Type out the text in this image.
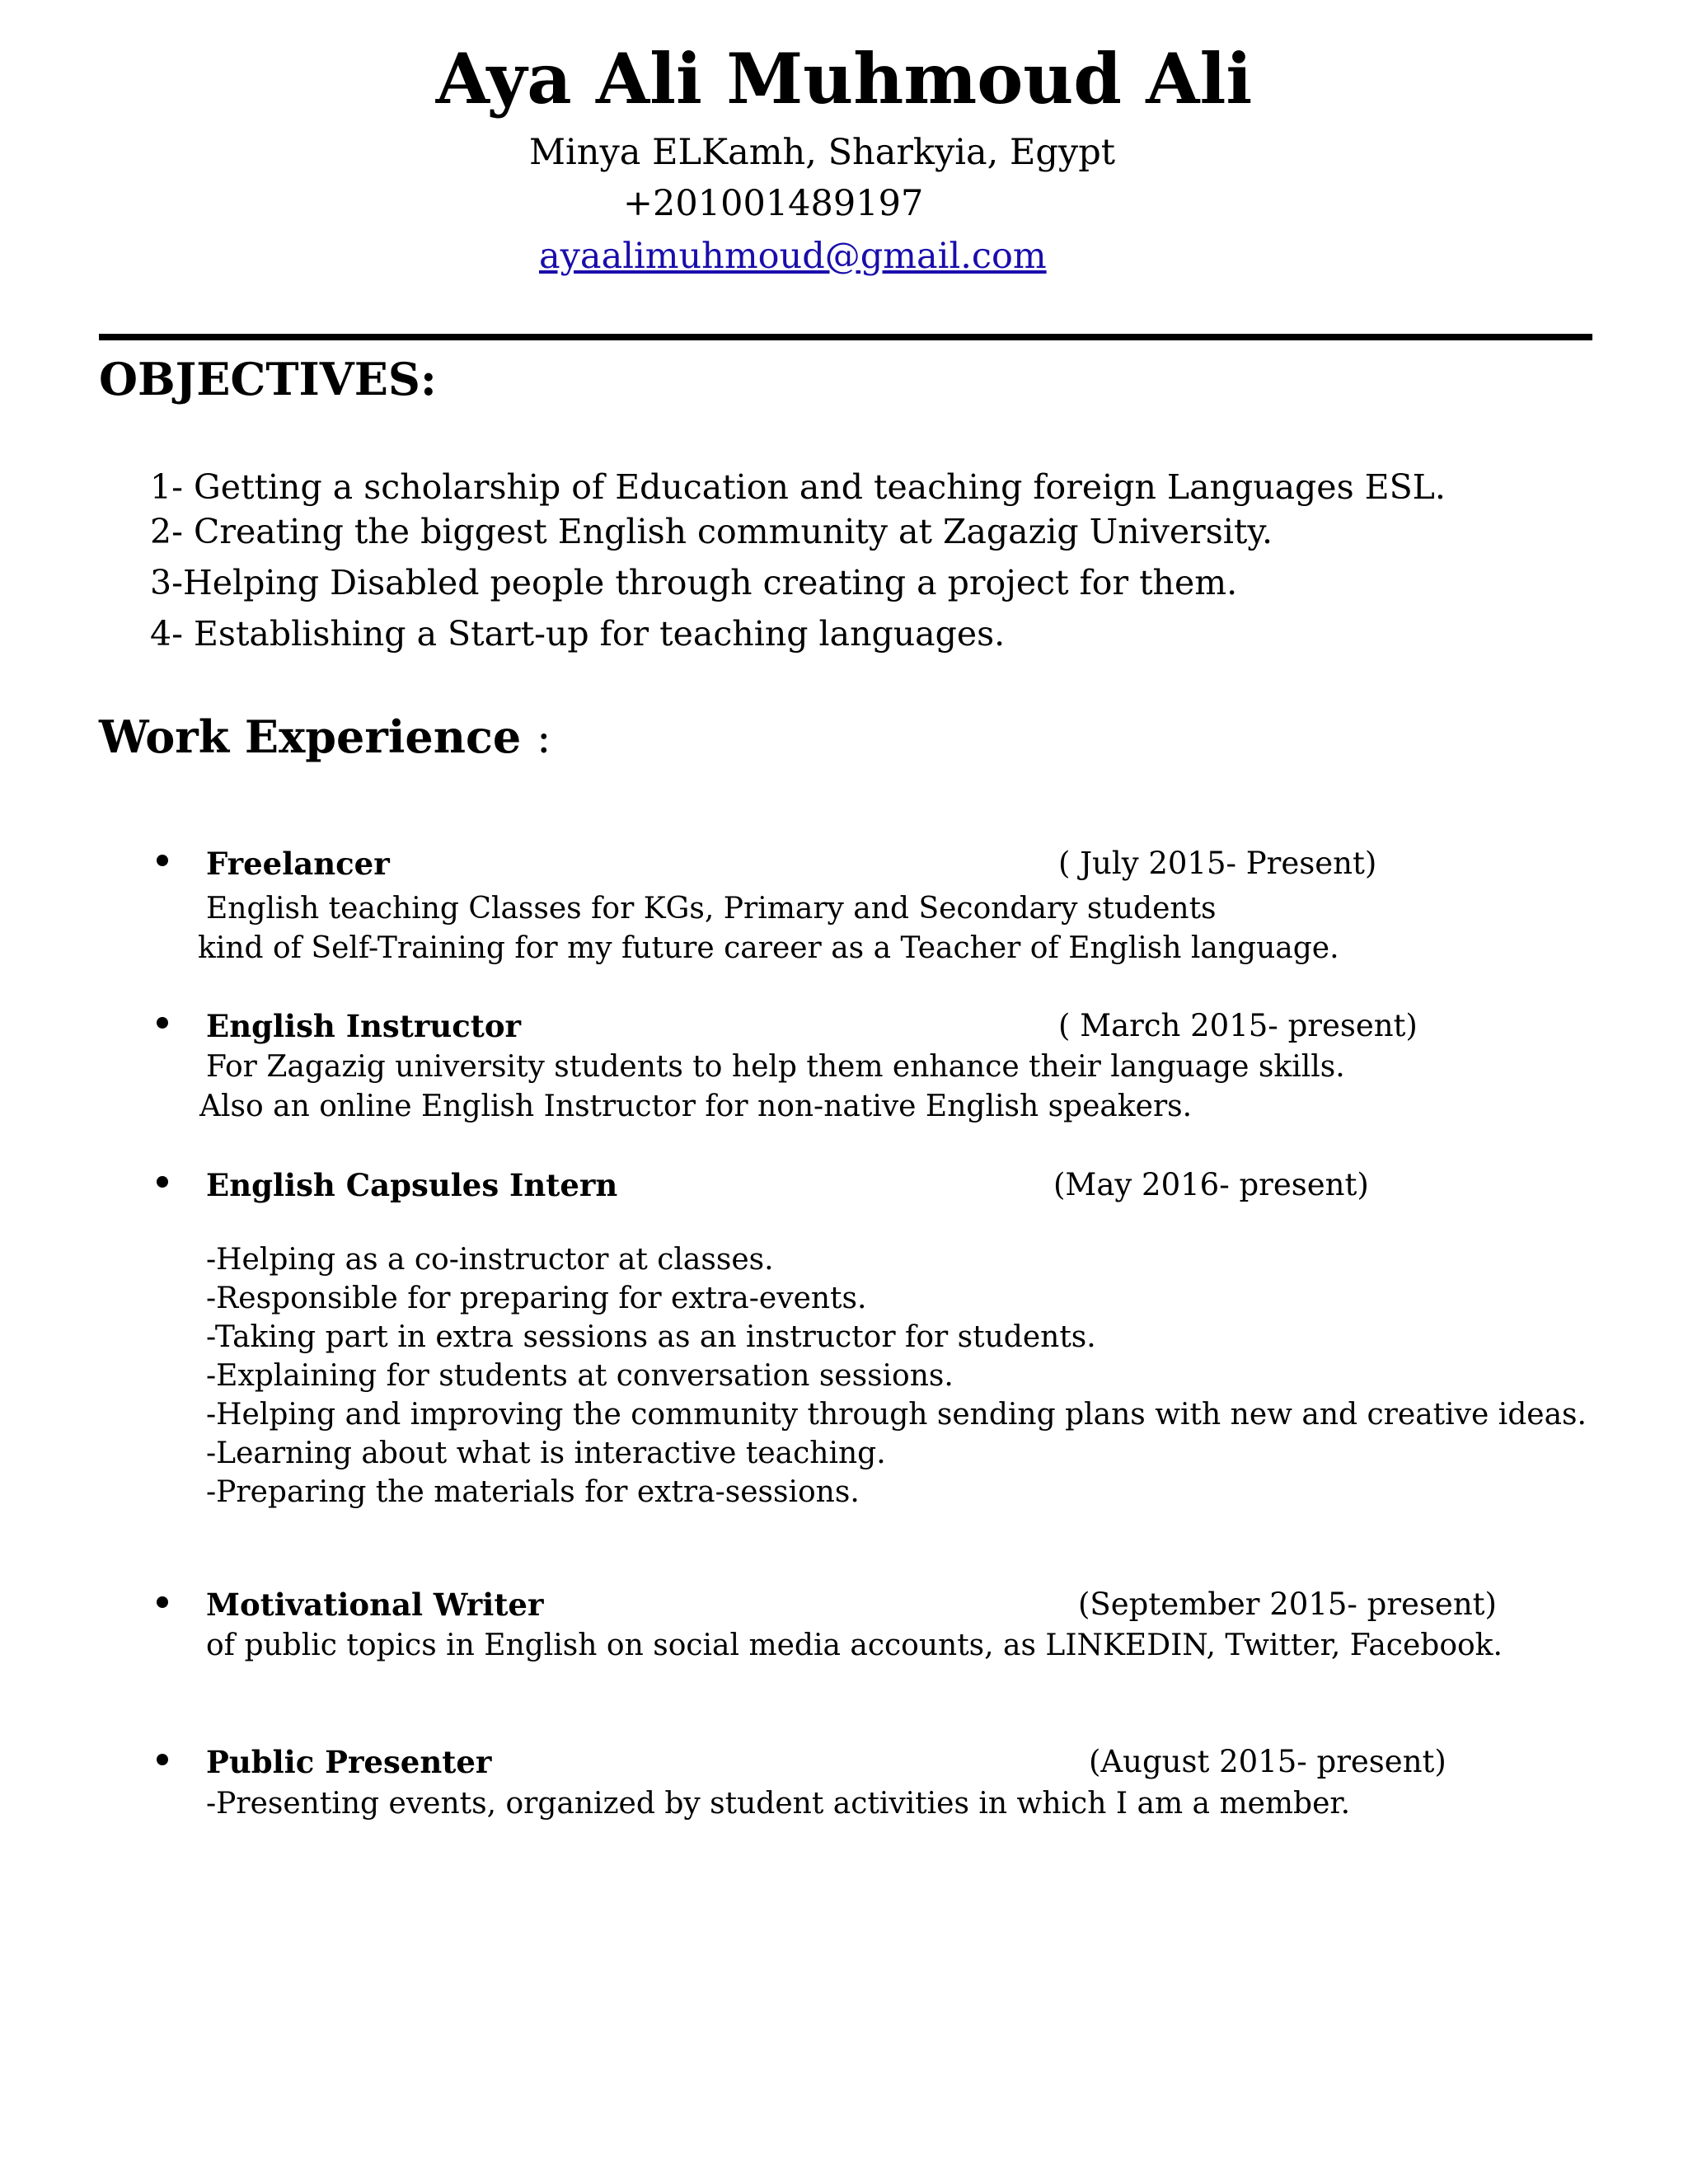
Aya Ali Muhmoud Ali
Minya ELKamh, Sharkyia, Egypt
+201001489197
ayaalimuhmoud@gmail.com
OBJECTIVES:
1- Getting a scholarship of Education and teaching foreign Languages ESL.
2- Creating the biggest English community at Zagazig University.
3-Helping Disabled people through creating a project for them.
4- Establishing a Start-up for teaching languages.
Work Experience :
Freelancer	( July 2015- Present)
English teaching Classes for KGs, Primary and Secondary students
kind of Self-Training for my future career as a Teacher of English language.
English Instructor	( March 2015- present)
For Zagazig university students to help them enhance their language skills.
Also an online English Instructor for non-native English speakers.
English Capsules Intern	(May 2016- present)
-Helping as a co-instructor at classes.
-Responsible for preparing for extra-events.
-Taking part in extra sessions as an instructor for students.
-Explaining for students at conversation sessions.
-Helping and improving the community through sending plans with new and creative ideas.
-Learning about what is interactive teaching.
-Preparing the materials for extra-sessions.
Motivational Writer	(September 2015- present)
of public topics in English on social media accounts, as LINKEDIN, Twitter, Facebook.
Public Presenter	(August 2015- present)
-Presenting events, organized by student activities in which I am a member.
